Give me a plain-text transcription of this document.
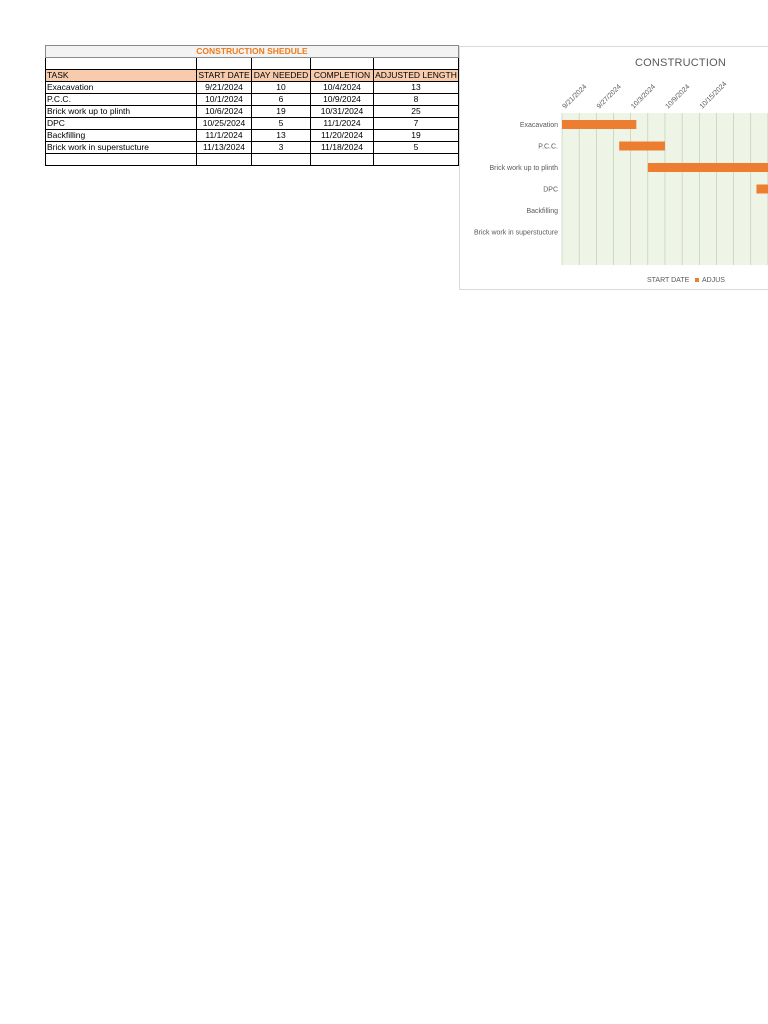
CONSTRUCTION SHEDULE				

TASK	START DATE	DAY NEEDED	COMPLETION	ADJUSTED LENGTH
Exacavation	9/21/2024	10	10/4/2024	13
P.C.C.	10/1/2024	6	10/9/2024	8
Brick work up to plinth	10/6/2024	19	10/31/2024	25
DPC	10/25/2024	5	11/1/2024	7
Backfilling	11/1/2024	13	11/20/2024	19
Brick work in superstucture	11/13/2024	3	11/18/2024	5

CONSTRUCTION
9/21/2024 9/27/2024 10/3/2024 10/9/2024 10/15/2024
Exacavation
P.C.C.
Brick work up to plinth
DPC
Backfilling
Brick work in superstucture
START DATE ADJUS
